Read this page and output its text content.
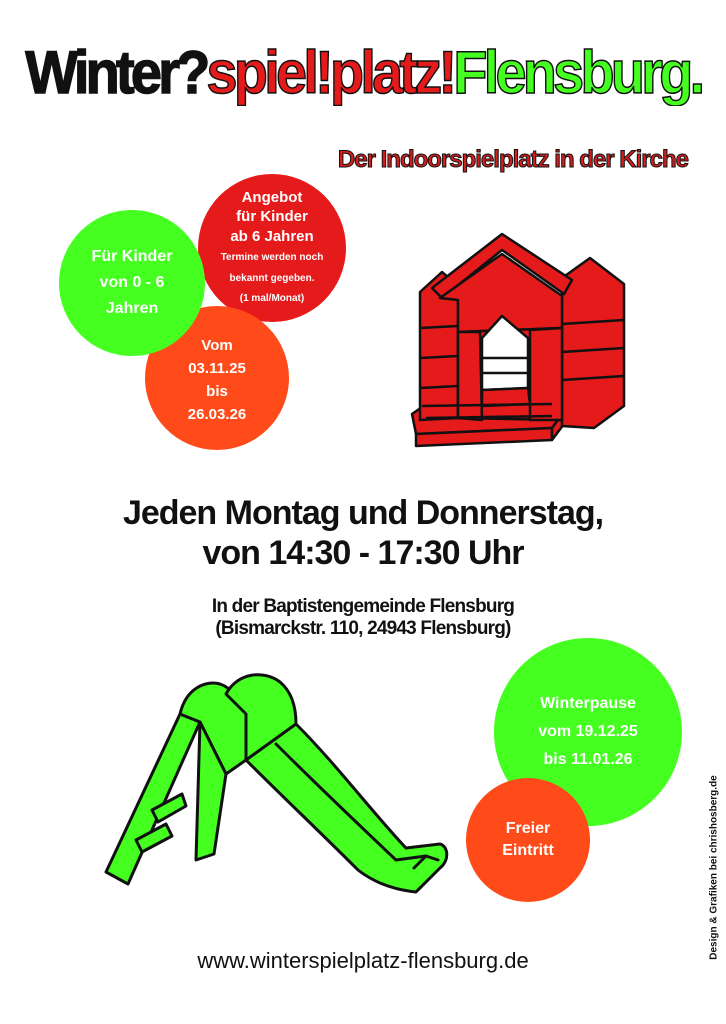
Winter?spiel!platz!Flensburg.
Der Indoorspielplatz in der Kirche
Angebot
für Kinder
ab 6 Jahren
Termine werden noch
bekannt gegeben.
(1 mal/Monat)
Vom
03.11.25
bis
26.03.26
Für Kinder
von 0 - 6
Jahren
Jeden Montag und Donnerstag,
von 14:30 - 17:30 Uhr
In der Baptistengemeinde Flensburg
(Bismarckstr. 110, 24943 Flensburg)
Winterpause
vom 19.12.25
bis 11.01.26
Freier
Eintritt	Design & Grafiken bei chrishosberg.de
www.winterspielplatz-flensburg.de
